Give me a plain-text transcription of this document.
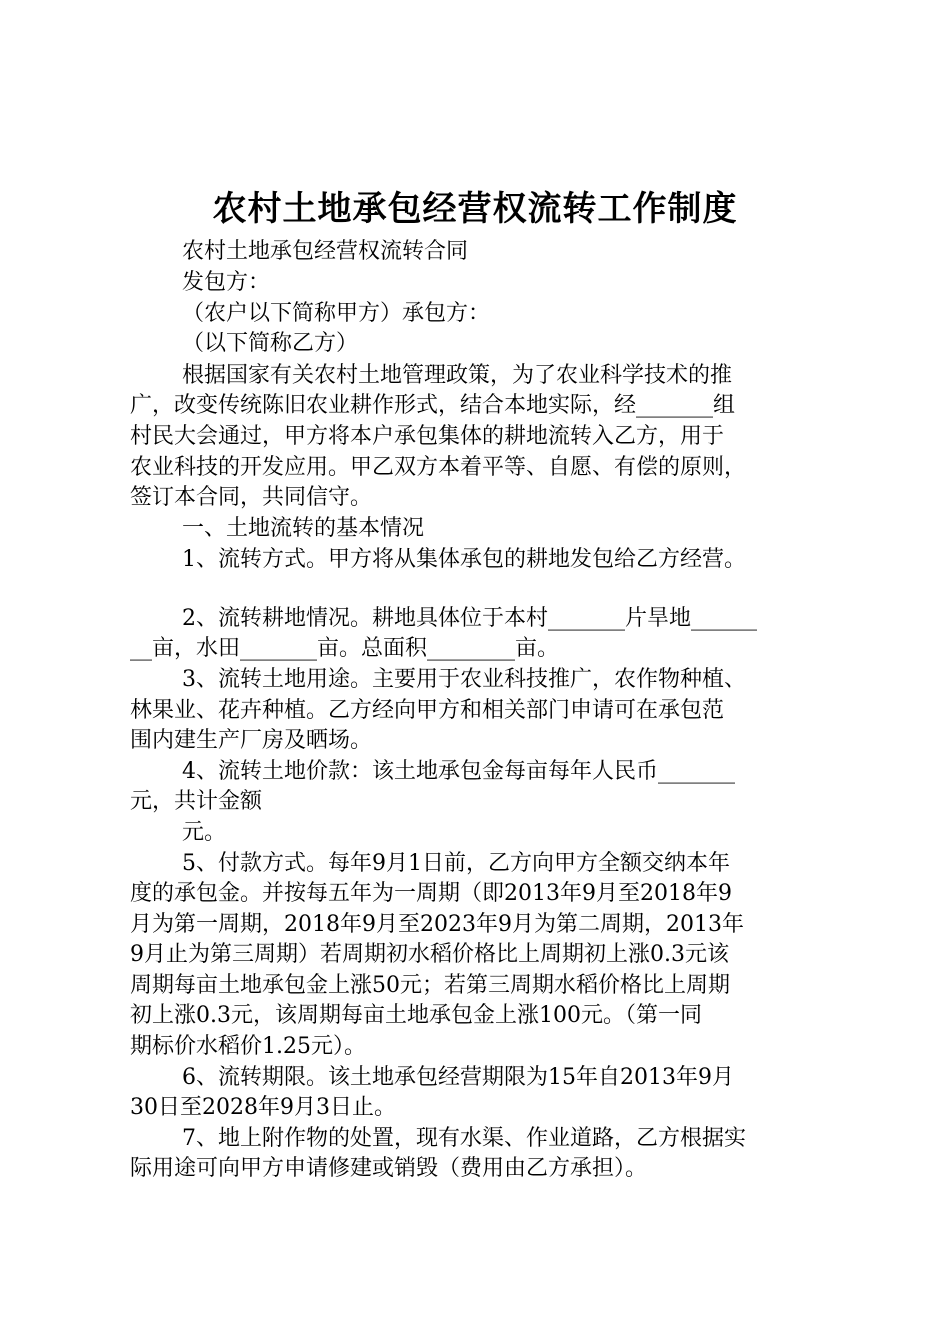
农村土地承包经营权流转工作制度
农村土地承包经营权流转合同
发包方：
（农户以下简称甲方）承包方：
（以下简称乙方）
根据国家有关农村土地管理政策，为了农业科学技术的推
广，改变传统陈旧农业耕作形式，结合本地实际，经_______组
村民大会通过，甲方将本户承包集体的耕地流转入乙方，用于
农业科技的开发应用。甲乙双方本着平等、自愿、有偿的原则，
签订本合同，共同信守。
一、土地流转的基本情况
1、流转方式。甲方将从集体承包的耕地发包给乙方经营。
2、流转耕地情况。耕地具体位于本村_______片旱地______
__亩，水田_______亩。总面积________亩。
3、流转土地用途。主要用于农业科技推广，农作物种植、
林果业、花卉种植。乙方经向甲方和相关部门申请可在承包范
围内建生产厂房及晒场。
4、流转土地价款：该土地承包金每亩每年人民币_______
元，共计金额
元。
5、付款方式。每年9月1日前，乙方向甲方全额交纳本年
度的承包金。并按每五年为一周期（即2013年9月至2018年9
月为第一周期，2018年9月至2023年9月为第二周期，2013年
9月止为第三周期）若周期初水稻价格比上周期初上涨0.3元该
周期每亩土地承包金上涨50元；若第三周期水稻价格比上周期
初上涨0.3元，该周期每亩土地承包金上涨100元。（第一同
期标价水稻价1.25元）。
6、流转期限。该土地承包经营期限为15年自2013年9月
30日至2028年9月3日止。
7、地上附作物的处置，现有水渠、作业道路，乙方根据实
际用途可向甲方申请修建或销毁（费用由乙方承担）。
